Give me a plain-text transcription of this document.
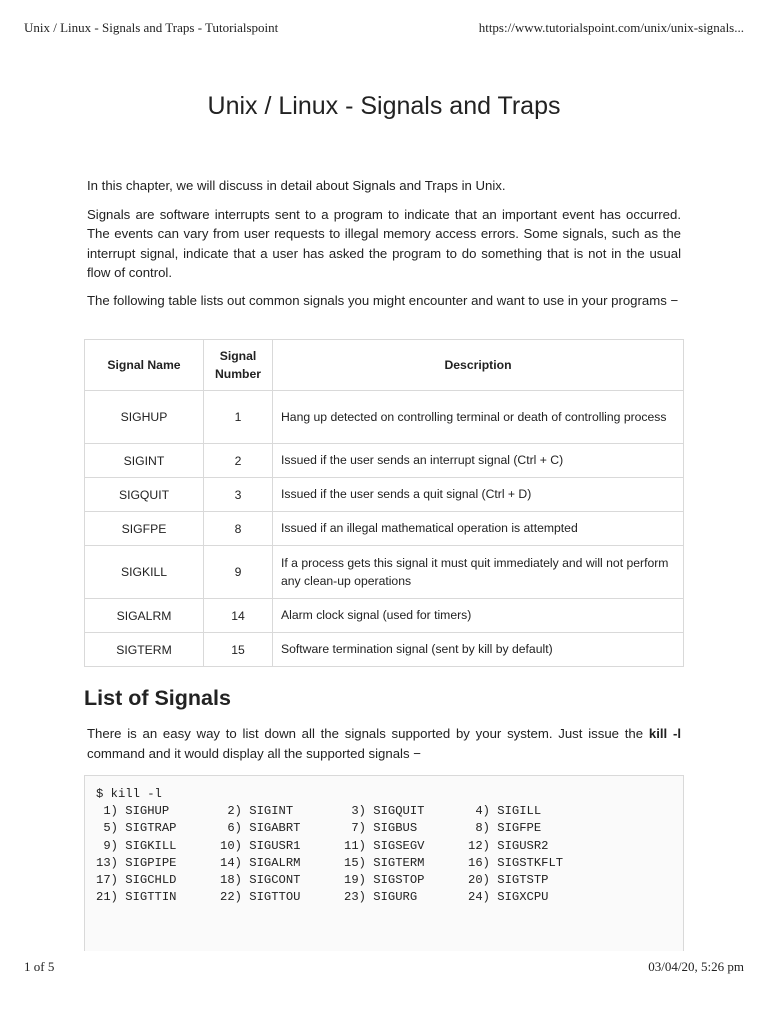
Unix / Linux - Signals and Traps - Tutorialspoint	https://www.tutorialspoint.com/unix/unix-signals...
Unix / Linux - Signals and Traps

In this chapter, we will discuss in detail about Signals and Traps in Unix.

Signals are software interrupts sent to a program to indicate that an important event has occurred. The events can vary from user requests to illegal memory access errors. Some signals, such as the interrupt signal, indicate that a user has asked the program to do something that is not in the usual flow of control.

The following table lists out common signals you might encounter and want to use in your programs −

Signal Name	Signal Number	Description
SIGHUP	1	Hang up detected on controlling terminal or death of controlling process
SIGINT	2	Issued if the user sends an interrupt signal (Ctrl + C)
SIGQUIT	3	Issued if the user sends a quit signal (Ctrl + D)
SIGFPE	8	Issued if an illegal mathematical operation is attempted
SIGKILL	9	If a process gets this signal it must quit immediately and will not perform any clean-up operations
SIGALRM	14	Alarm clock signal (used for timers)
SIGTERM	15	Software termination signal (sent by kill by default)
List of Signals

There is an easy way to list down all the signals supported by your system. Just issue the kill -l command and it would display all the supported signals −

$ kill -l
1) SIGHUP	2) SIGINT	3) SIGQUIT	4) SIGILL
5) SIGTRAP	6) SIGABRT	7) SIGBUS	8) SIGFPE
9) SIGKILL	10) SIGUSR1	11) SIGSEGV	12) SIGUSR2
13) SIGPIPE	14) SIGALRM	15) SIGTERM	16) SIGSTKFLT
17) SIGCHLD	18) SIGCONT	19) SIGSTOP	20) SIGTSTP
21) SIGTTIN	22) SIGTTOU	23) SIGURG	24) SIGXCPU
1 of 5	03/04/20, 5:26 pm
